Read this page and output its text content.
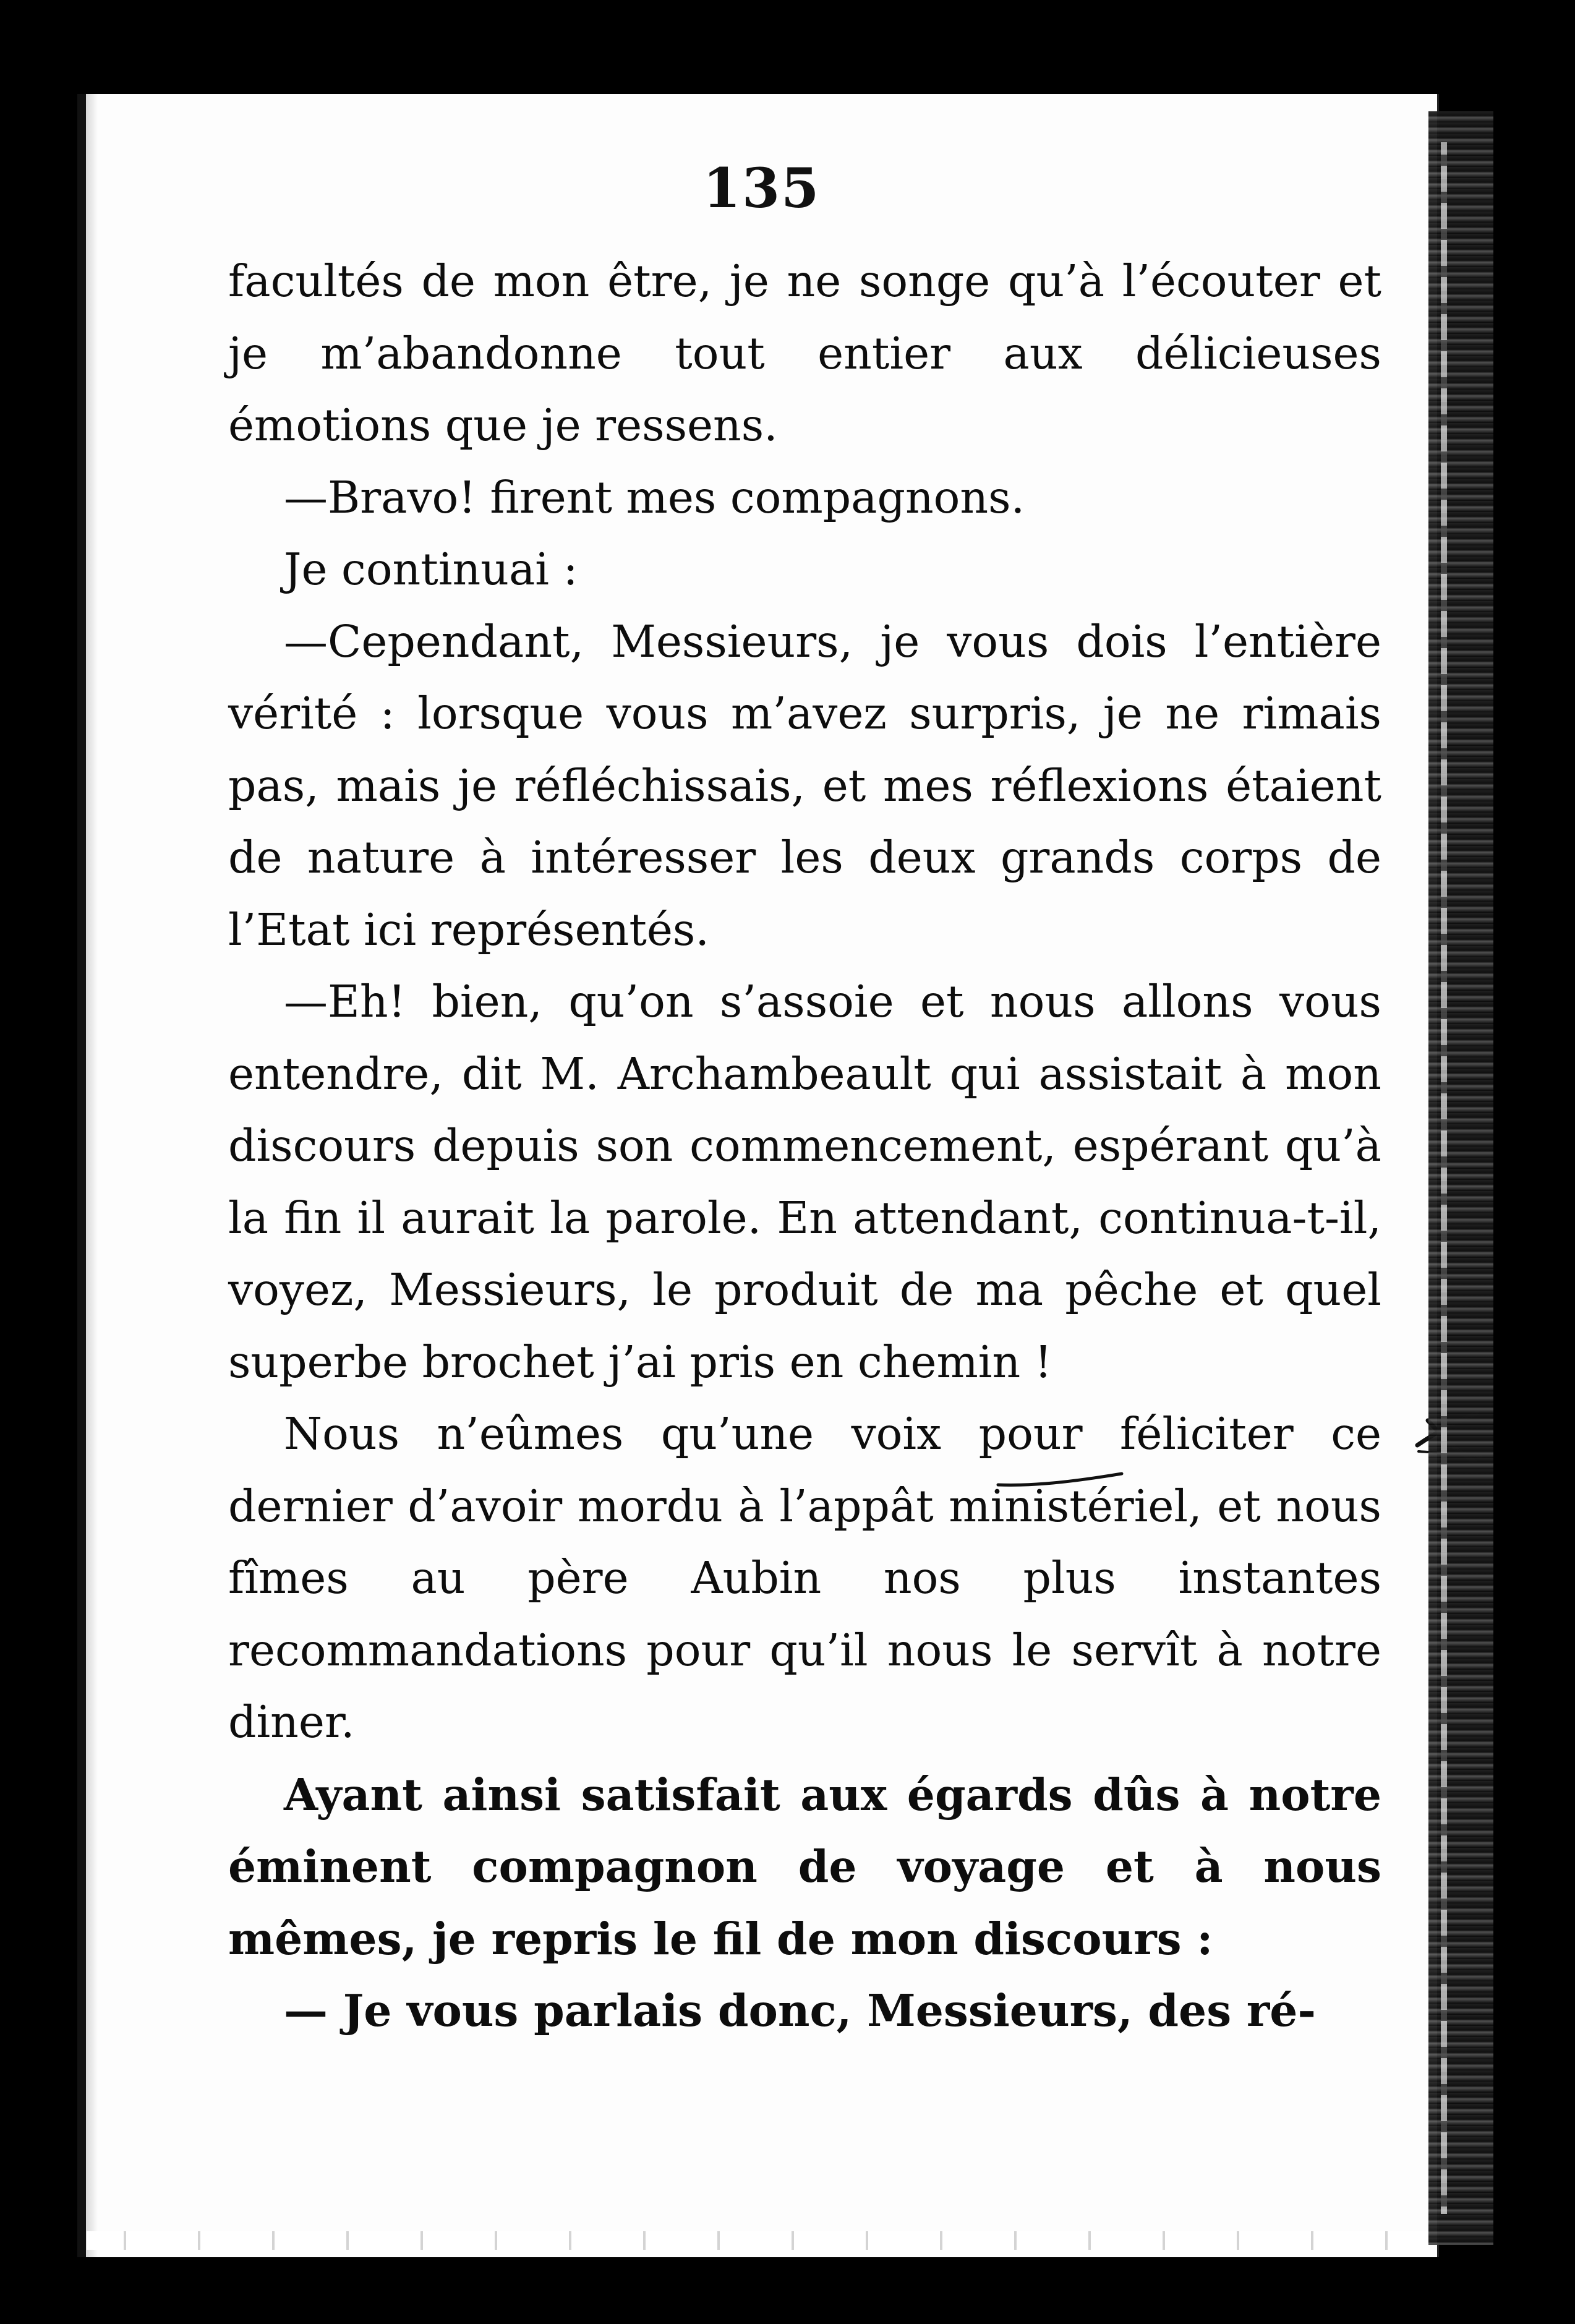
135

facultés de mon être, je ne songe qu’à l’écouter et je m’abandonne tout entier aux délicieuses émotions que je ressens.

—Bravo! firent mes compagnons.

Je continuai :

—Cependant, Messieurs, je vous dois l’entière vérité : lorsque vous m’avez surpris, je ne rimais pas, mais je réfléchissais, et mes réflexions étaient de nature à intéresser les deux grands corps de l’Etat ici représentés.

—Eh! bien, qu’on s’assoie et nous allons vous entendre, dit M. Archambeault qui assistait à mon discours depuis son commencement, espérant qu’à la fin il aurait la parole. En attendant, continua-t-il, voyez, Messieurs, le produit de ma pêche et quel superbe brochet j’ai pris en chemin !

Nous n’eûmes qu’une voix pour féliciter ce dernier d’avoir mordu à l’appât ministériel, et nous fîmes au père Aubin nos plus instantes recommandations pour qu’il nous le servît à notre diner.

Ayant ainsi satisfait aux égards dûs à notre éminent compagnon de voyage et à nous mêmes, je repris le fil de mon discours :

— Je vous parlais donc, Messieurs, des ré-
